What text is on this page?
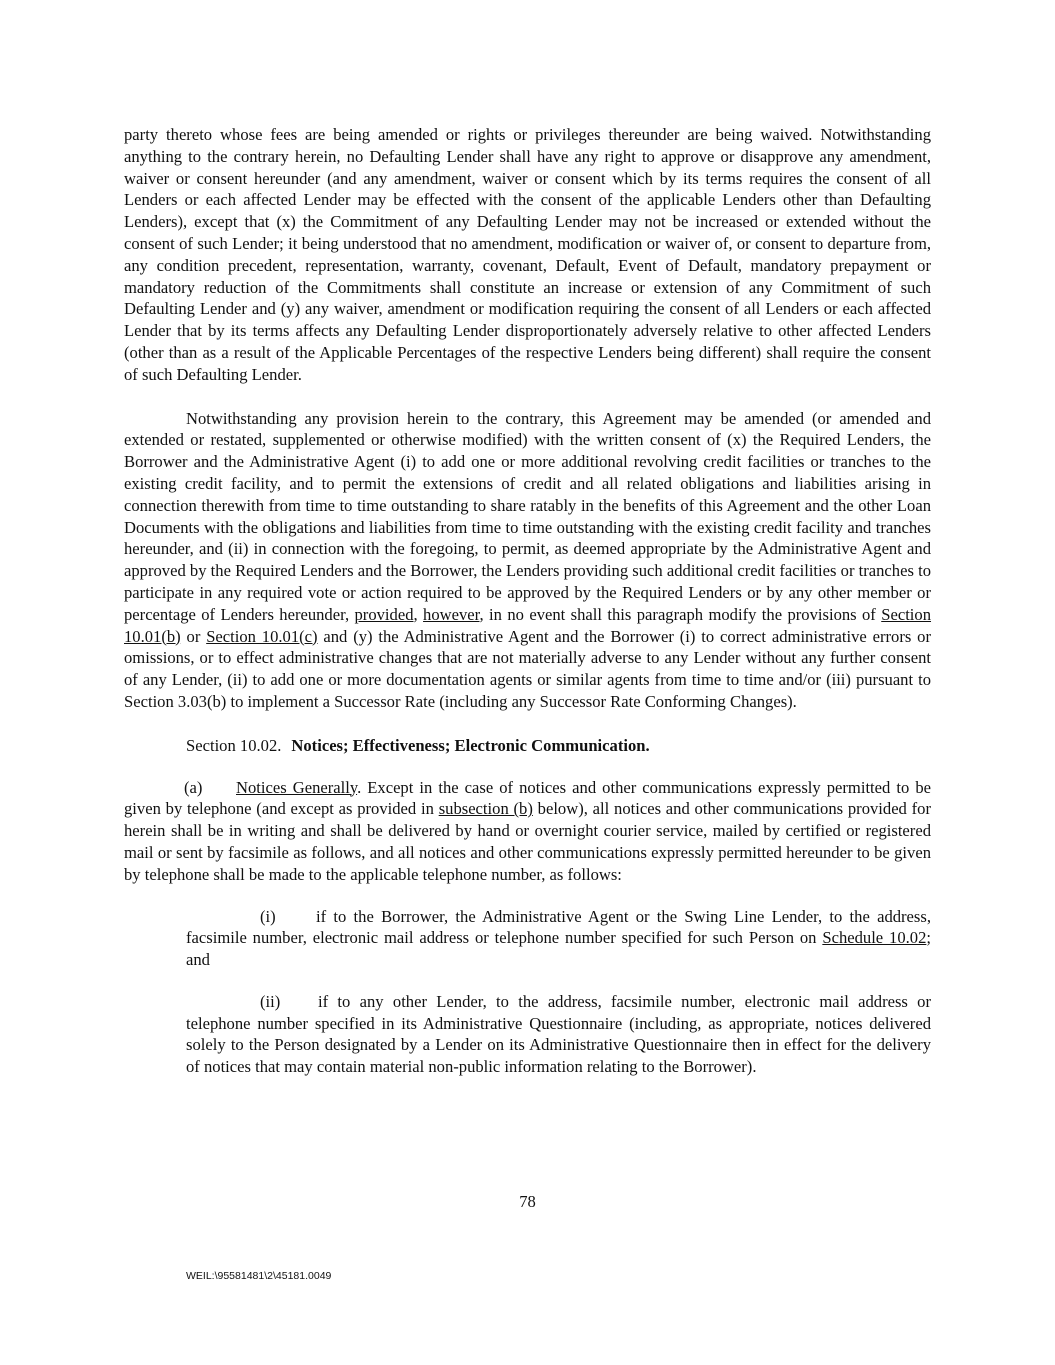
party thereto whose fees are being amended or rights or privileges thereunder are being waived. Notwithstanding anything to the contrary herein, no Defaulting Lender shall have any right to approve or disapprove any amendment, waiver or consent hereunder (and any amendment, waiver or consent which by its terms requires the consent of all Lenders or each affected Lender may be effected with the consent of the applicable Lenders other than Defaulting Lenders), except that (x) the Commitment of any Defaulting Lender may not be increased or extended without the consent of such Lender; it being understood that no amendment, modification or waiver of, or consent to departure from, any condition precedent, representation, warranty, covenant, Default, Event of Default, mandatory prepayment or mandatory reduction of the Commitments shall constitute an increase or extension of any Commitment of such Defaulting Lender and (y) any waiver, amendment or modification requiring the consent of all Lenders or each affected Lender that by its terms affects any Defaulting Lender disproportionately adversely relative to other affected Lenders (other than as a result of the Applicable Percentages of the respective Lenders being different) shall require the consent of such Defaulting Lender.

Notwithstanding any provision herein to the contrary, this Agreement may be amended (or amended and extended or restated, supplemented or otherwise modified) with the written consent of (x) the Required Lenders, the Borrower and the Administrative Agent (i) to add one or more additional revolving credit facilities or tranches to the existing credit facility, and to permit the extensions of credit and all related obligations and liabilities arising in connection therewith from time to time outstanding to share ratably in the benefits of this Agreement and the other Loan Documents with the obligations and liabilities from time to time outstanding with the existing credit facility and tranches hereunder, and (ii) in connection with the foregoing, to permit, as deemed appropriate by the Administrative Agent and approved by the Required Lenders and the Borrower, the Lenders providing such additional credit facilities or tranches to participate in any required vote or action required to be approved by the Required Lenders or by any other member or percentage of Lenders hereunder, provided, however, in no event shall this paragraph modify the provisions of Section 10.01(b) or Section 10.01(c) and (y) the Administrative Agent and the Borrower (i) to correct administrative errors or omissions, or to effect administrative changes that are not materially adverse to any Lender without any further consent of any Lender, (ii) to add one or more documentation agents or similar agents from time to time and/or (iii) pursuant to Section 3.03(b) to implement a Successor Rate (including any Successor Rate Conforming Changes).

Section 10.02. Notices; Effectiveness; Electronic Communication.

(a) Notices Generally. Except in the case of notices and other communications expressly permitted to be given by telephone (and except as provided in subsection (b) below), all notices and other communications provided for herein shall be in writing and shall be delivered by hand or overnight courier service, mailed by certified or registered mail or sent by facsimile as follows, and all notices and other communications expressly permitted hereunder to be given by telephone shall be made to the applicable telephone number, as follows:

(i) if to the Borrower, the Administrative Agent or the Swing Line Lender, to the address, facsimile number, electronic mail address or telephone number specified for such Person on Schedule 10.02; and

(ii) if to any other Lender, to the address, facsimile number, electronic mail address or telephone number specified in its Administrative Questionnaire (including, as appropriate, notices delivered solely to the Person designated by a Lender on its Administrative Questionnaire then in effect for the delivery of notices that may contain material non-public information relating to the Borrower).

78
WEIL:\95581481\2\45181.0049
